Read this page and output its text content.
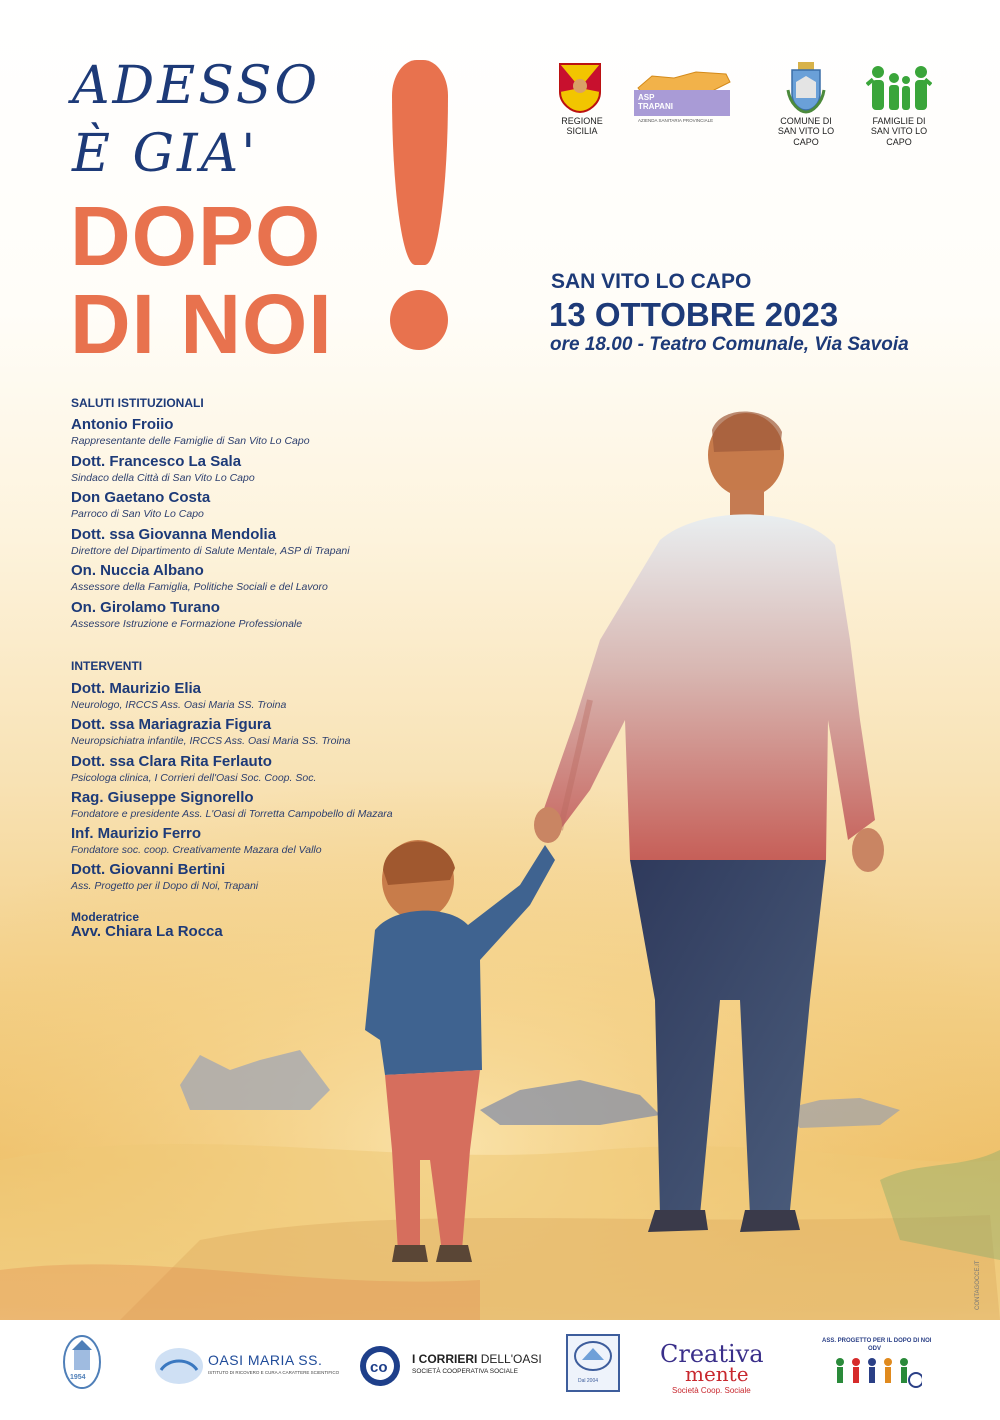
ADESSO
È GIA'
DOPO
DI NOI	SAN VITO LO CAPO
13 OTTOBRE 2023
ore 18.00 - Teatro Comunale, Via Savoia
REGIONE
SICILIA
ASP TRAPANI
AZIENDA SANITARIA PROVINCIALE	COMUNE DI
SAN VITO LO CAPO
FAMIGLIE DI
SAN VITO LO CAPO
SALUTI ISTITUZIONALI
Antonio Froiio
Rappresentante delle Famiglie di San Vito Lo Capo
Dott. Francesco La Sala
Sindaco della Città di San Vito Lo Capo
Don Gaetano Costa
Parroco di San Vito Lo Capo
Dott. ssa Giovanna Mendolia
Direttore del Dipartimento di Salute Mentale, ASP di Trapani
On. Nuccia Albano
Assessore della Famiglia, Politiche Sociali e del Lavoro
On. Girolamo Turano
Assessore Istruzione e Formazione Professionale
INTERVENTI
Dott. Maurizio Elia
Neurologo, IRCCS Ass. Oasi Maria SS. Troina
Dott. ssa Mariagrazia Figura
Neuropsichiatra infantile, IRCCS Ass. Oasi Maria SS. Troina
Dott. ssa Clara Rita Ferlauto
Psicologa clinica, I Corrieri dell'Oasi Soc. Coop. Soc.
Rag. Giuseppe Signorello
Fondatore e presidente Ass. L'Oasi di Torretta Campobello di Mazara
Inf. Maurizio Ferro
Fondatore soc. coop. Creativamente Mazara del Vallo
Dott. Giovanni Bertini
Ass. Progetto per il Dopo di Noi, Trapani
Moderatrice
Avv. Chiara La Rocca
CONTAGOCCE.IT
1954
OASI MARIA SS.
ISTITUTO DI RICOVERO E CURA A CARATTERE SCIENTIFICO co I CORRIERI DELL'OASI
SOCIETÀ COOPERATIVA SOCIALE
Dal 2004
Creativa
mente
Società Coop. Sociale
ASS. PROGETTO PER IL DOPO DI NOI
ODV
